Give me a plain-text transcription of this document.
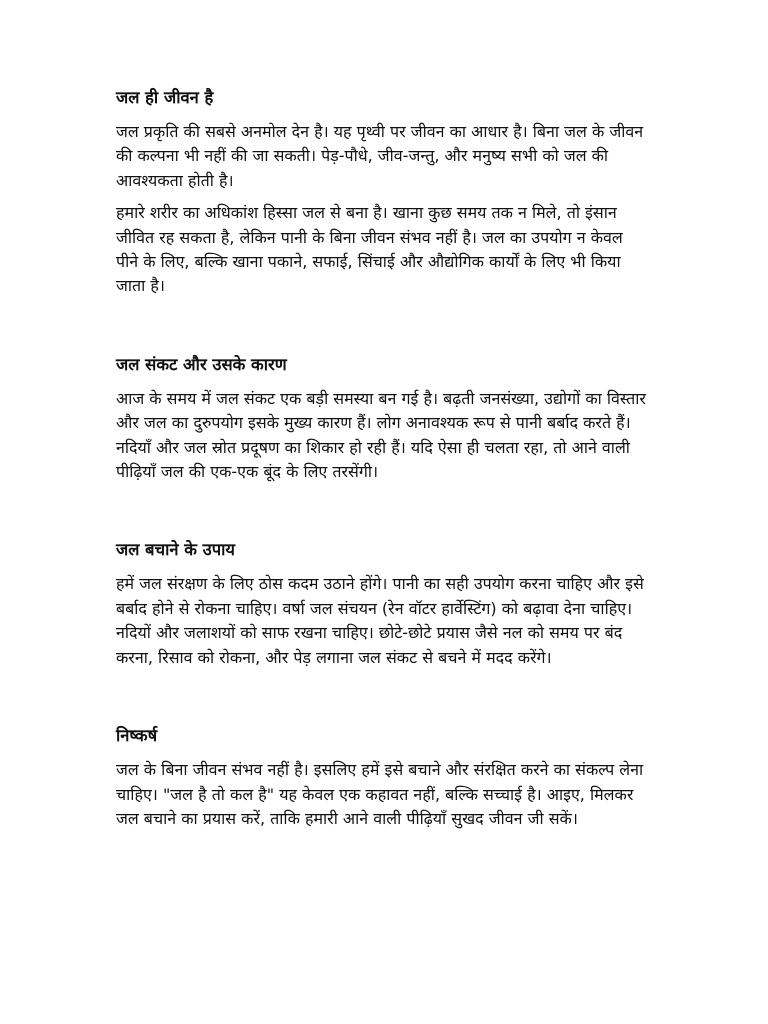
जल ही जीवन है

जल प्रकृति की सबसे अनमोल देन है। यह पृथ्वी पर जीवन का आधार है। बिना जल के जीवन की कल्पना भी नहीं की जा सकती। पेड़-पौधे, जीव-जन्तु, और मनुष्य सभी को जल की आवश्यकता होती है।

हमारे शरीर का अधिकांश हिस्सा जल से बना है। खाना कुछ समय तक न मिले, तो इंसान जीवित रह सकता है, लेकिन पानी के बिना जीवन संभव नहीं है। जल का उपयोग न केवल पीने के लिए, बल्कि खाना पकाने, सफाई, सिंचाई और औद्योगिक कार्यों के लिए भी किया जाता है।

जल संकट और उसके कारण

आज के समय में जल संकट एक बड़ी समस्या बन गई है। बढ़ती जनसंख्या, उद्योगों का विस्तार और जल का दुरुपयोग इसके मुख्य कारण हैं। लोग अनावश्यक रूप से पानी बर्बाद करते हैं। नदियाँ और जल स्रोत प्रदूषण का शिकार हो रही हैं। यदि ऐसा ही चलता रहा, तो आने वाली पीढ़ियाँ जल की एक-एक बूंद के लिए तरसेंगी।

जल बचाने के उपाय

हमें जल संरक्षण के लिए ठोस कदम उठाने होंगे। पानी का सही उपयोग करना चाहिए और इसे बर्बाद होने से रोकना चाहिए। वर्षा जल संचयन (रेन वॉटर हार्वेस्टिंग) को बढ़ावा देना चाहिए। नदियों और जलाशयों को साफ रखना चाहिए। छोटे-छोटे प्रयास जैसे नल को समय पर बंद करना, रिसाव को रोकना, और पेड़ लगाना जल संकट से बचने में मदद करेंगे।

निष्कर्ष

जल के बिना जीवन संभव नहीं है। इसलिए हमें इसे बचाने और संरक्षित करने का संकल्प लेना चाहिए। "जल है तो कल है" यह केवल एक कहावत नहीं, बल्कि सच्चाई है। आइए, मिलकर जल बचाने का प्रयास करें, ताकि हमारी आने वाली पीढ़ियाँ सुखद जीवन जी सकें।
